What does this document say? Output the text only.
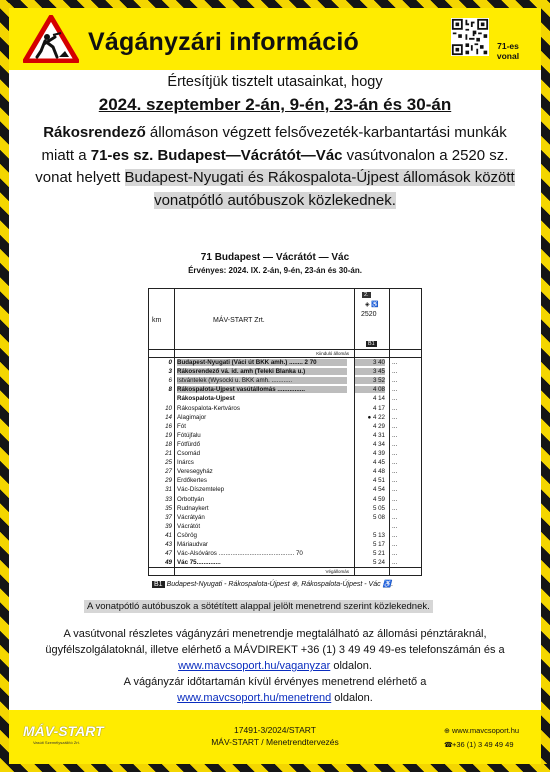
Vágányzári információ	71-es vonal
Értesítjük tisztelt utasainkat, hogy
2024. szeptember 2-án, 9-én, 23-án és 30-án
Rákosrendező állomáson végzett felsővezeték-karbantartási munkák miatt a 71-es sz. Budapest—Vácrátót—Vác vasútvonalon a 2520 sz. vonat helyett Budapest-Nyugati és Rákospalota-Újpest állomások között vonatpótló autóbuszok közlekednek.
71 Budapest — Vácrátót — Vác
Érvényes: 2024. IX. 2-án, 9-én, 23-án és 30-án.
km	MÁV-START Zrt.
2.
◈ ♿
2520
B1
Kiinduló állomás
0 Budapest-Nyugati (Váci út BKK amh.) ........ 2 70	3 40 ...
3 Rákosrendező vá. id. amh (Teleki Blanka u.)	3 45 ...
6 Istvántelek (Wysocki u. BKK amh. ............	3 52 ...
8 Rákospalota-Újpest vasútállomás ................	4 08 ...
Rákospalota-Újpest	4 14 ...
10 Rákospalota-Kertváros	4 17 ...
14 Alagimajor	● 4 22 ...
16 Fót	4 29 ...
19 Fótújfalu	4 31 ...
18 Fótfürdő	4 34 ...
21 Csomád	4 39 ...
25 Inárcs	4 45 ...
27 Veresegyház	4 48 ...
29 Erdőkertes	4 51 ...
31 Vác-Díszemtelep	4 54 ...
33 Őrbottyán	4 59 ...
35 Rudnaykert	5 05 ...
37 Vácrátyán	5 08 ...
39 Vácrátót	...
41 Csörög	5 13 ...
43 Máriaudvar	5 17 ...
47 Vác-Alsóváros ............................................ 70	5 21 ...
49 Vác 75..............	5 24 ...
Végállomás
B1 Budapest-Nyugati - Rákospalota-Újpest ⊕, Rákospalota-Újpest - Vác ♿.
A vonatpótló autóbuszok a sötétített alappal jelölt menetrend szerint közlekednek.
A vasútvonal részletes vágányzári menetrendje megtalálható az állomási pénztáraknál, ügyfélszolgálatoknál, illetve elérhető a MÁVDIREKT +36 (1) 3 49 49 49-es telefonszámán és a
www.mavcsoport.hu/vaganyzar oldalon.
A vágányzár időtartamán kívül érvényes menetrend elérhető a
www.mavcsoport.hu/menetrend oldalon.
MÁV-START
Vasúti Személyszállító Zrt.
17491-3/2024/START
MÁV-START / Menetrendtervezés
⊕ www.mavcsoport.hu
☎+36 (1) 3 49 49 49
